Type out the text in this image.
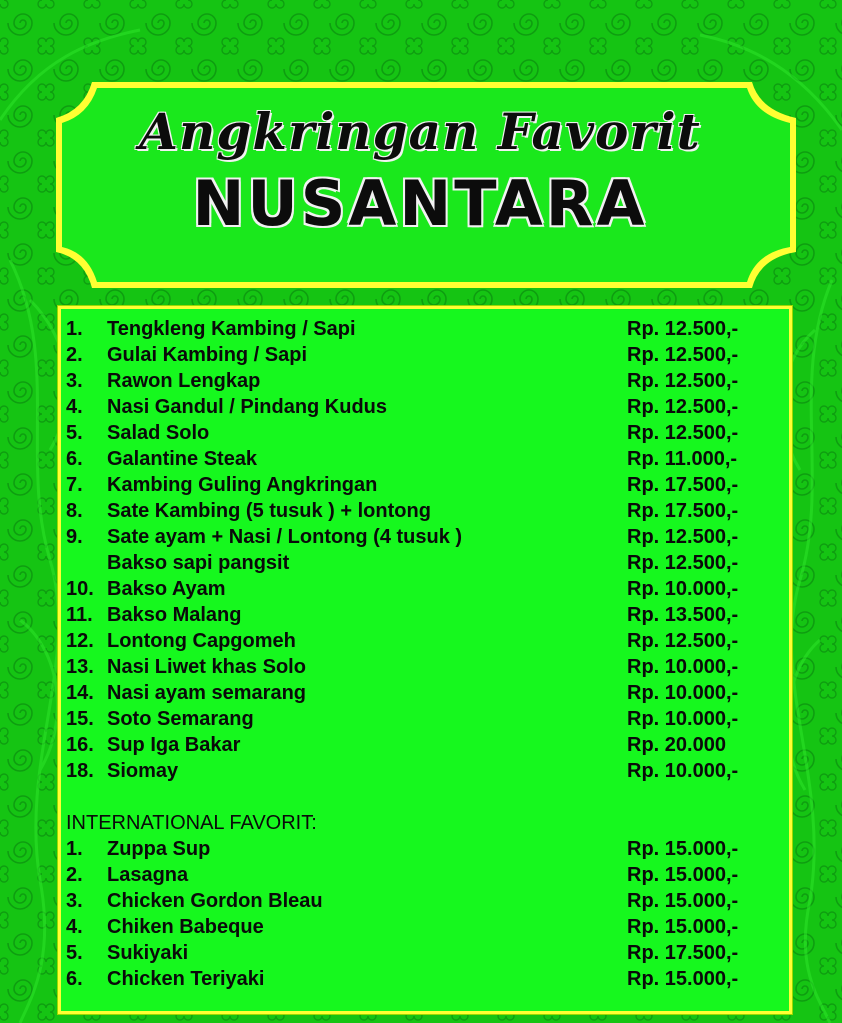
Angkringan Favorit
NUSANTARA
1. Tengkleng Kambing / Sapi	Rp. 12.500,-
2. Gulai Kambing / Sapi	Rp. 12.500,-
3. Rawon Lengkap	Rp. 12.500,-
4. Nasi Gandul / Pindang Kudus	Rp. 12.500,-
5. Salad Solo	Rp. 12.500,-
6. Galantine Steak	Rp. 11.000,-
7. Kambing Guling Angkringan	Rp. 17.500,-
8. Sate Kambing (5 tusuk ) + lontong	Rp. 17.500,-
9. Sate ayam + Nasi / Lontong (4 tusuk )	Rp. 12.500,-
Bakso sapi pangsit	Rp. 12.500,-
10. Bakso Ayam	Rp. 10.000,-
11. Bakso Malang	Rp. 13.500,-
12. Lontong Capgomeh	Rp. 12.500,-
13. Nasi Liwet khas Solo	Rp. 10.000,-
14. Nasi ayam semarang	Rp. 10.000,-
15. Soto Semarang	Rp. 10.000,-
16. Sup Iga Bakar	Rp. 20.000
18. Siomay	Rp. 10.000,-
INTERNATIONAL FAVORIT:
1. Zuppa Sup	Rp. 15.000,-
2. Lasagna	Rp. 15.000,-
3. Chicken Gordon Bleau	Rp. 15.000,-
4. Chiken Babeque	Rp. 15.000,-
5. Sukiyaki	Rp. 17.500,-
6. Chicken Teriyaki	Rp. 15.000,-
